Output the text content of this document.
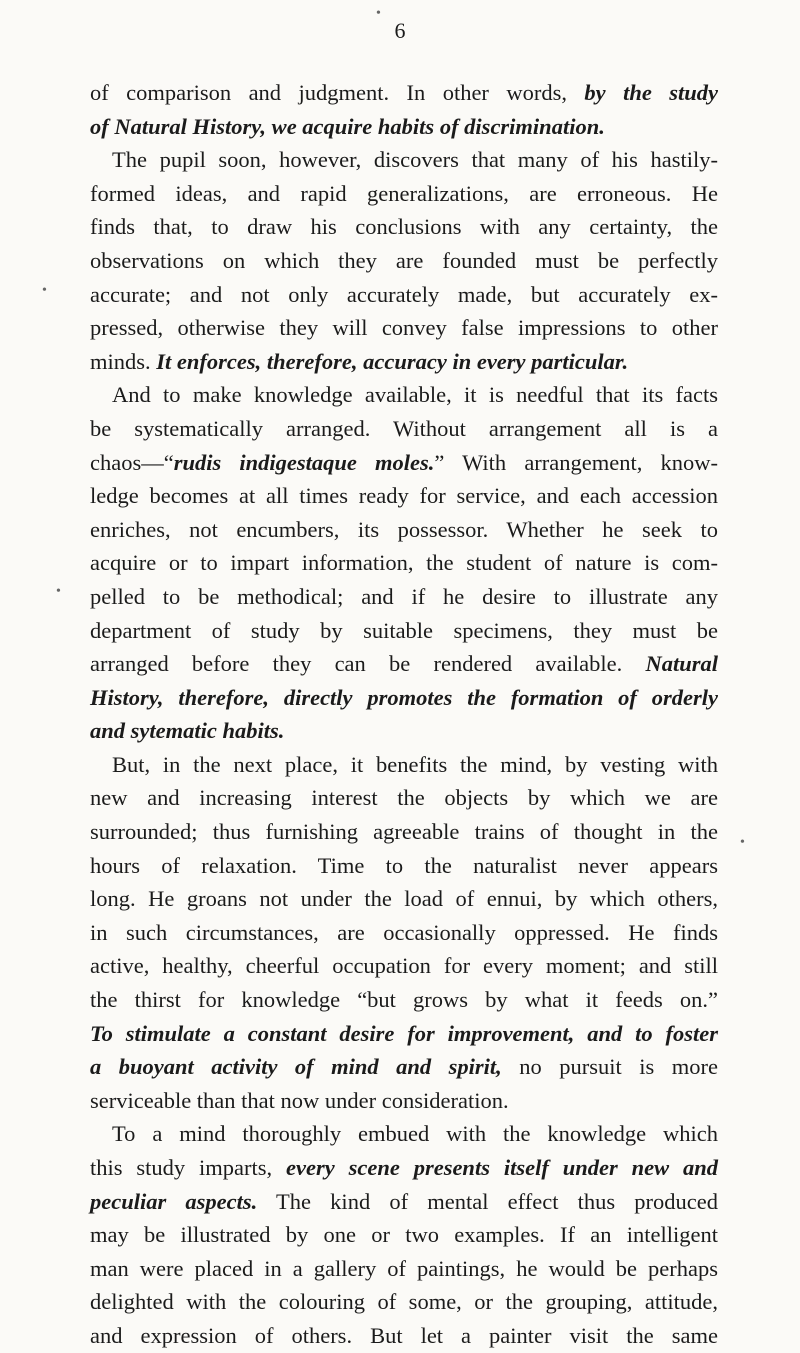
6
•
•
•
•
of comparison and judgment. In other words, by the study
of Natural History, we acquire habits of discrimination.
The pupil soon, however, discovers that many of his hastily-
formed ideas, and rapid generalizations, are erroneous. He
finds that, to draw his conclusions with any certainty, the
observations on which they are founded must be perfectly
accurate; and not only accurately made, but accurately ex-
pressed, otherwise they will convey false impressions to other
minds. It enforces, therefore, accuracy in every particular.
And to make knowledge available, it is needful that its facts
be systematically arranged. Without arrangement all is a
chaos—“rudis indigestaque moles.” With arrangement, know-
ledge becomes at all times ready for service, and each accession
enriches, not encumbers, its possessor. Whether he seek to
acquire or to impart information, the student of nature is com-
pelled to be methodical; and if he desire to illustrate any
department of study by suitable specimens, they must be
arranged before they can be rendered available. Natural
History, therefore, directly promotes the formation of orderly
and sytematic habits.
But, in the next place, it benefits the mind, by vesting with
new and increasing interest the objects by which we are
surrounded; thus furnishing agreeable trains of thought in the
hours of relaxation. Time to the naturalist never appears
long. He groans not under the load of ennui, by which others,
in such circumstances, are occasionally oppressed. He finds
active, healthy, cheerful occupation for every moment; and still
the thirst for knowledge “but grows by what it feeds on.”
To stimulate a constant desire for improvement, and to foster
a buoyant activity of mind and spirit, no pursuit is more
serviceable than that now under consideration.
To a mind thoroughly embued with the knowledge which
this study imparts, every scene presents itself under new and
peculiar aspects. The kind of mental effect thus produced
may be illustrated by one or two examples. If an intelligent
man were placed in a gallery of paintings, he would be perhaps
delighted with the colouring of some, or the grouping, attitude,
and expression of others. But let a painter visit the same
